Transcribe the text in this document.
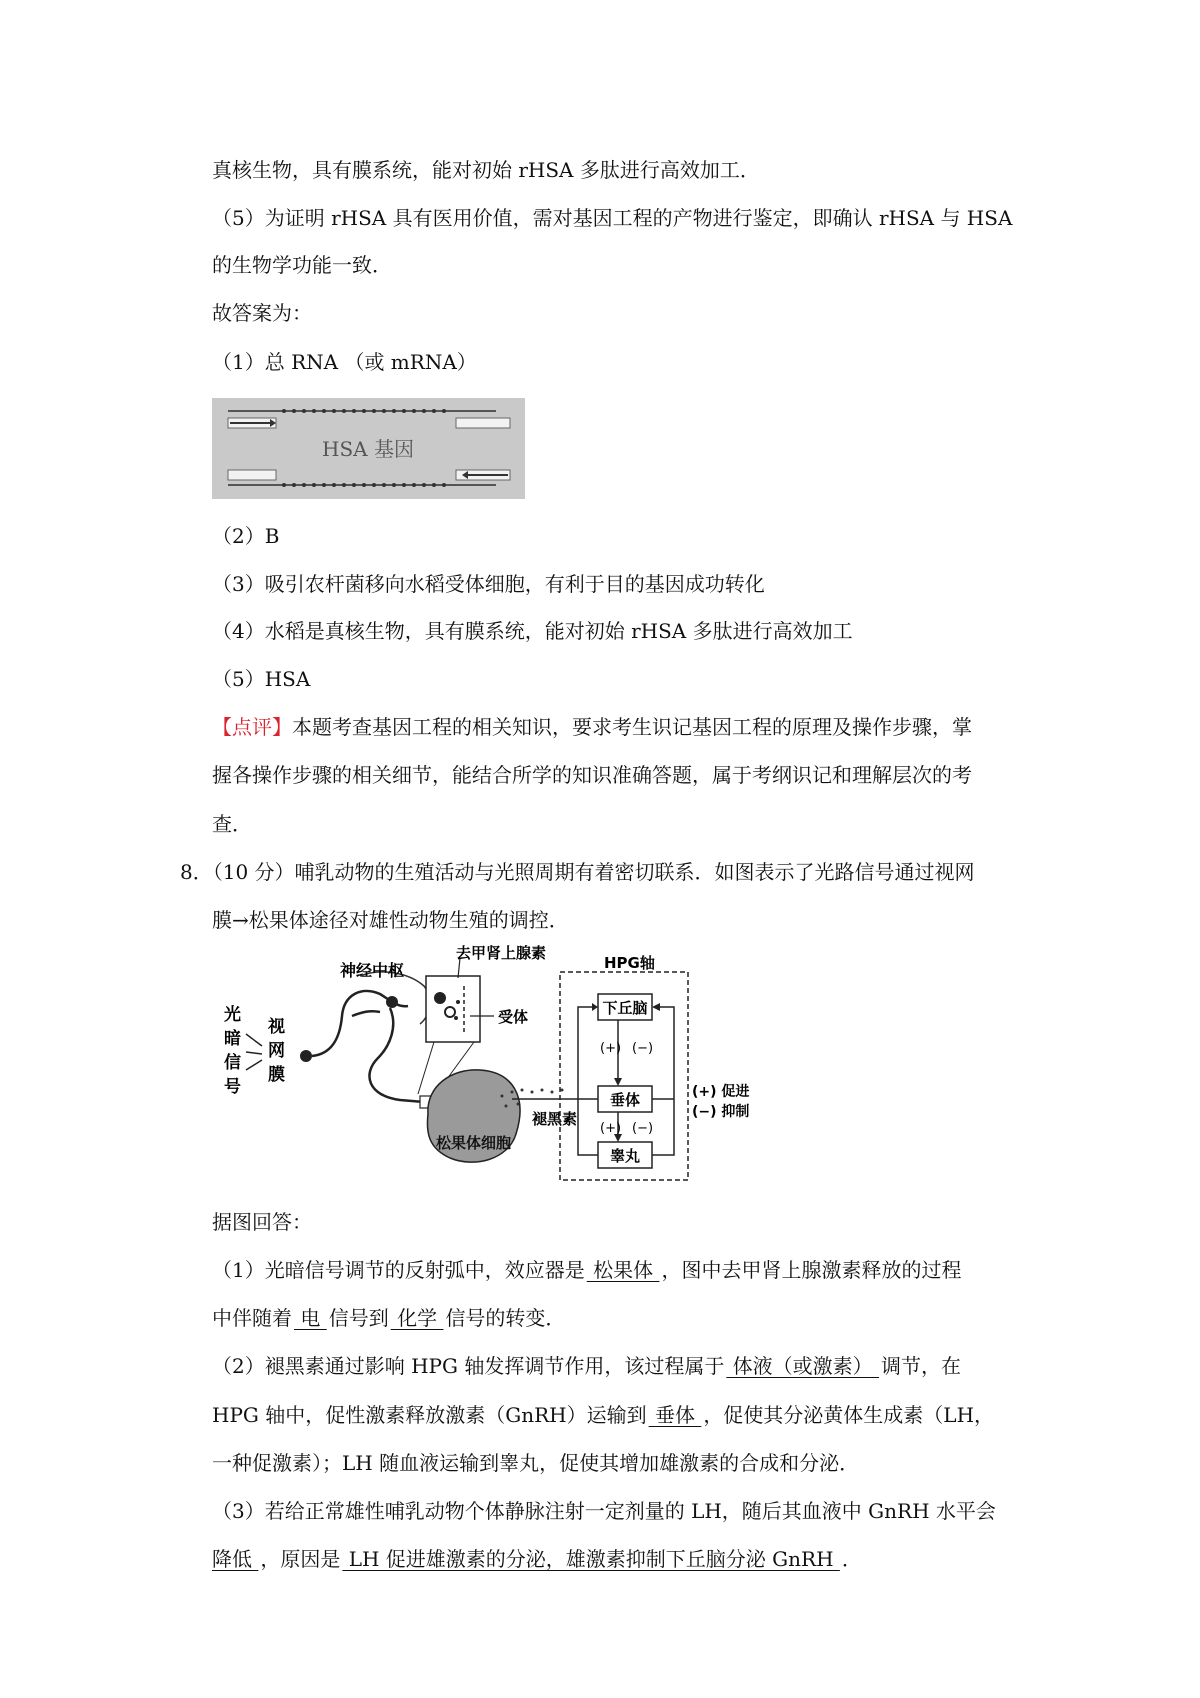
真核生物，具有膜系统，能对初始 rHSA 多肽进行高效加工．
（5）为证明 rHSA 具有医用价值，需对基因工程的产物进行鉴定，即确认 rHSA 与 HSA
的生物学功能一致．
故答案为：
（1）总 RNA （或 mRNA）
HSA 基因
（2）B
（3）吸引农杆菌移向水稻受体细胞，有利于目的基因成功转化
（4）水稻是真核生物，具有膜系统，能对初始 rHSA 多肽进行高效加工
（5）HSA
【点评】本题考查基因工程的相关知识，要求考生识记基因工程的原理及操作步骤，掌
握各操作步骤的相关细节，能结合所学的知识准确答题，属于考纲识记和理解层次的考
查．
8．（10 分）哺乳动物的生殖活动与光照周期有着密切联系．如图表示了光路信号通过视网
膜→松果体途径对雄性动物生殖的调控．
光
暗
信
号
视
网
膜
神经中枢
去甲肾上腺素
受体
松果体细胞
褪黑素
HPG轴
下丘脑
垂体
睾丸
(+)
(+)
(−)
(−)
(+) 促进
(−) 抑制
据图回答：
（1）光暗信号调节的反射弧中，效应器是 松果体 ，图中去甲肾上腺激素释放的过程
中伴随着 电 信号到 化学 信号的转变．
（2）褪黑素通过影响 HPG 轴发挥调节作用，该过程属于 体液（或激素） 调节，在
HPG 轴中，促性激素释放激素（GnRH）运输到 垂体 ，促使其分泌黄体生成素（LH，
一种促激素）；LH 随血液运输到睾丸，促使其增加雄激素的合成和分泌．
（3）若给正常雄性哺乳动物个体静脉注射一定剂量的 LH，随后其血液中 GnRH 水平会
降低 ，原因是 LH 促进雄激素的分泌，雄激素抑制下丘脑分泌 GnRH ．
